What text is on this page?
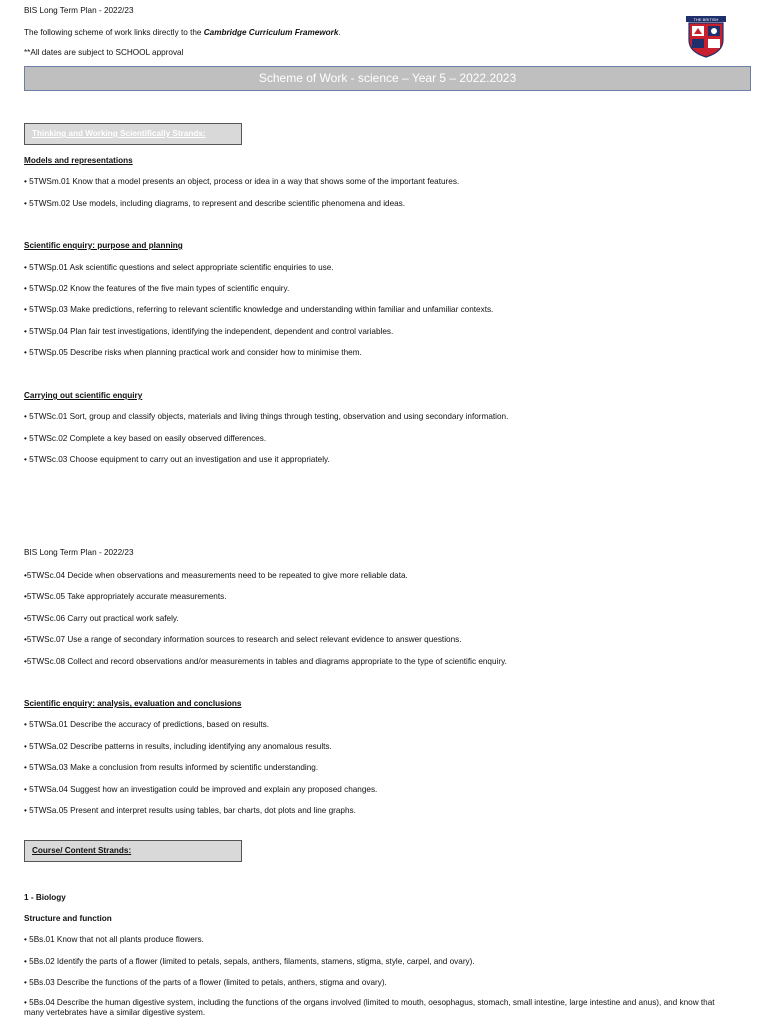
BIS Long Term Plan - 2022/23
The following scheme of work links directly to the Cambridge Curriculum Framework.
**All dates are subject to SCHOOL approval
THE BRITISH
Scheme of Work - science – Year 5 – 2022.2023
Thinking and Working Scientifically Strands:
Models and representations
• 5TWSm.01 Know that a model presents an object, process or idea in a way that shows some of the important features.
• 5TWSm.02 Use models, including diagrams, to represent and describe scientific phenomena and ideas.
Scientific enquiry: purpose and planning
• 5TWSp.01 Ask scientific questions and select appropriate scientific enquiries to use.
• 5TWSp.02 Know the features of the five main types of scientific enquiry.
• 5TWSp.03 Make predictions, referring to relevant scientific knowledge and understanding within familiar and unfamiliar contexts.
• 5TWSp.04 Plan fair test investigations, identifying the independent, dependent and control variables.
• 5TWSp.05 Describe risks when planning practical work and consider how to minimise them.
Carrying out scientific enquiry
• 5TWSc.01 Sort, group and classify objects, materials and living things through testing, observation and using secondary information.
• 5TWSc.02 Complete a key based on easily observed differences.
• 5TWSc.03 Choose equipment to carry out an investigation and use it appropriately.
BIS Long Term Plan - 2022/23
•5TWSc.04 Decide when observations and measurements need to be repeated to give more reliable data.
•5TWSc.05 Take appropriately accurate measurements.
•5TWSc.06 Carry out practical work safely.
•5TWSc.07 Use a range of secondary information sources to research and select relevant evidence to answer questions.
•5TWSc.08 Collect and record observations and/or measurements in tables and diagrams appropriate to the type of scientific enquiry.
Scientific enquiry: analysis, evaluation and conclusions
• 5TWSa.01 Describe the accuracy of predictions, based on results.
• 5TWSa.02 Describe patterns in results, including identifying any anomalous results.
• 5TWSa.03 Make a conclusion from results informed by scientific understanding.
• 5TWSa.04 Suggest how an investigation could be improved and explain any proposed changes.
• 5TWSa.05 Present and interpret results using tables, bar charts, dot plots and line graphs.
Course/ Content Strands:
1 - Biology
Structure and function
• 5Bs.01 Know that not all plants produce flowers.
• 5Bs.02 Identify the parts of a flower (limited to petals, sepals, anthers, filaments, stamens, stigma, style, carpel, and ovary).
• 5Bs.03 Describe the functions of the parts of a flower (limited to petals, anthers, stigma and ovary).
• 5Bs.04 Describe the human digestive system, including the functions of the organs involved (limited to mouth, oesophagus, stomach, small intestine, large intestine and anus), and know that many vertebrates have a similar digestive system.
